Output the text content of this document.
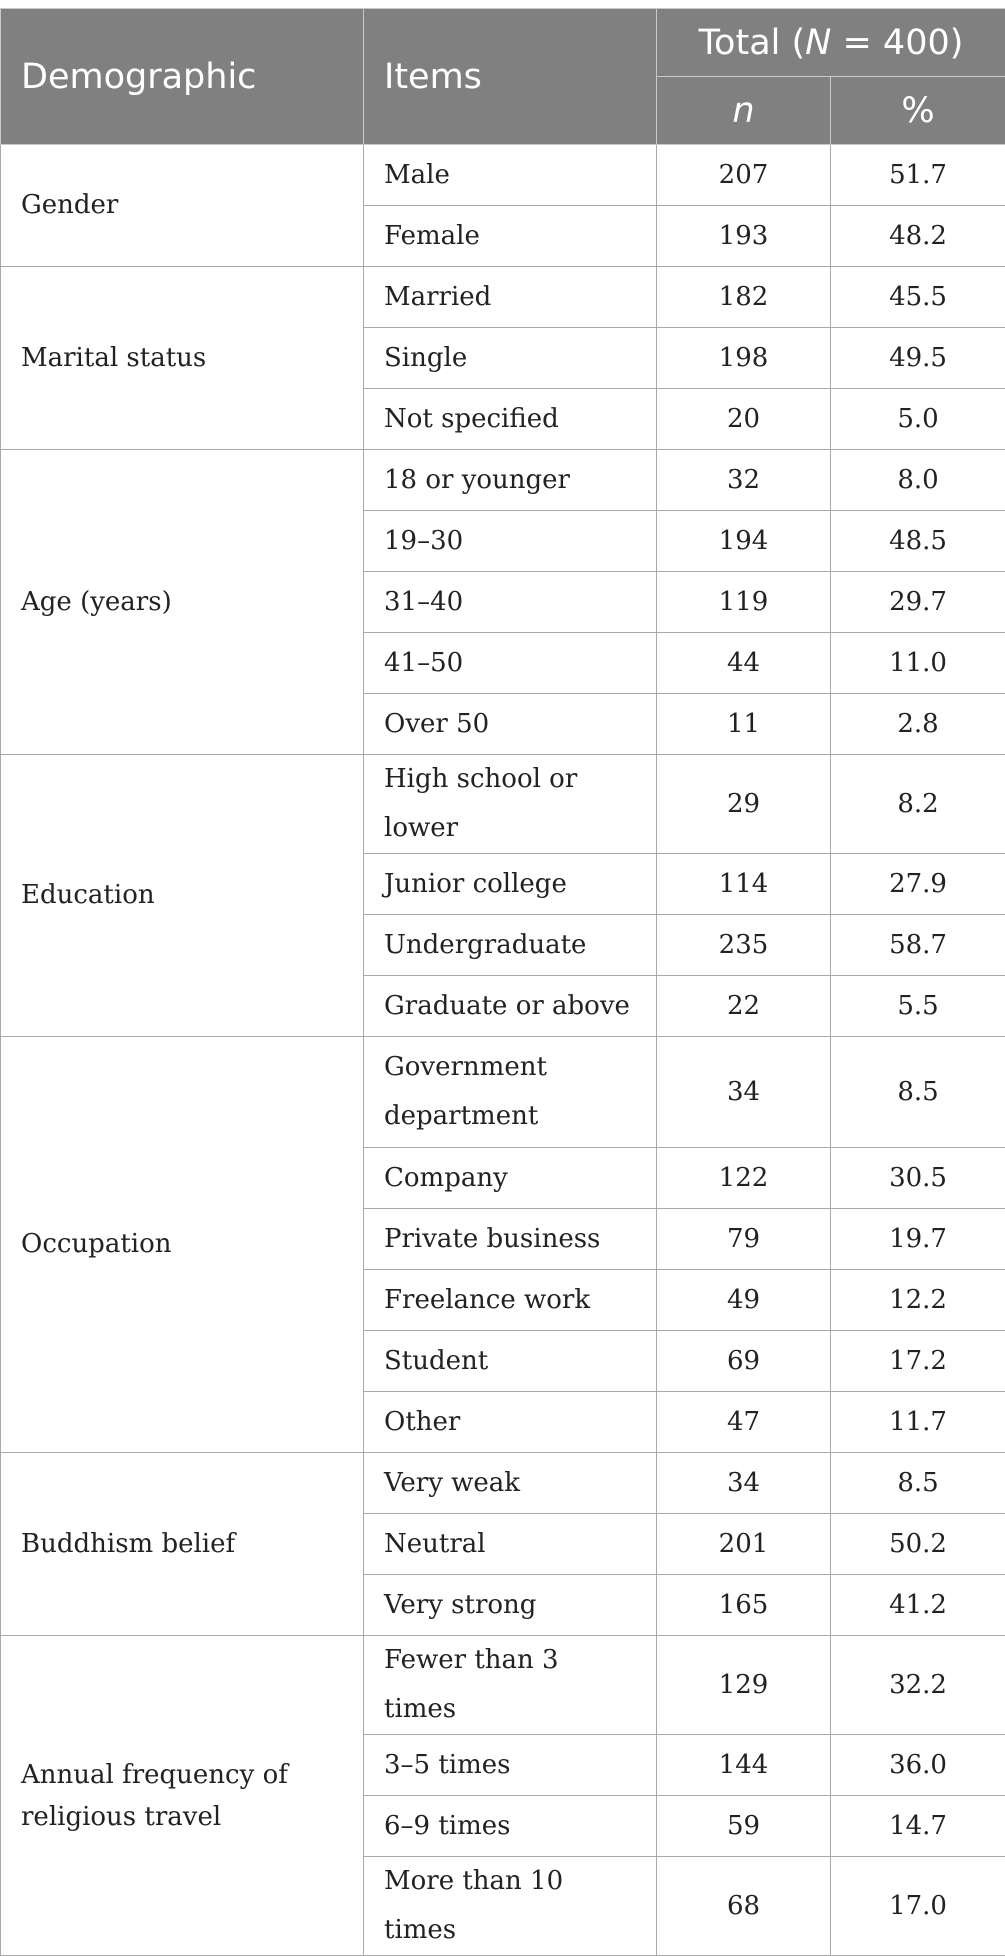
Demographic	Items	Total (N = 400)	
		n	%
Gender	Male	207	51.7
	Female	193	48.2
Marital status	Married	182	45.5
	Single	198	49.5
	Not specified	20	5.0
Age (years)	18 or younger	32	8.0
	19–30	194	48.5
	31–40	119	29.7
	41–50	44	11.0
	Over 50	11	2.8
Education	High school or lower	29	8.2
	Junior college	114	27.9
	Undergraduate	235	58.7
	Graduate or above	22	5.5
Occupation	Government department	34	8.5
	Company	122	30.5
	Private business	79	19.7
	Freelance work	49	12.2
	Student	69	17.2
	Other	47	11.7
Buddhism belief	Very weak	34	8.5
	Neutral	201	50.2
	Very strong	165	41.2
Annual frequency of religious travel	Fewer than 3 times	129	32.2
	3–5 times	144	36.0
	6–9 times	59	14.7
	More than 10 times	68	17.0
